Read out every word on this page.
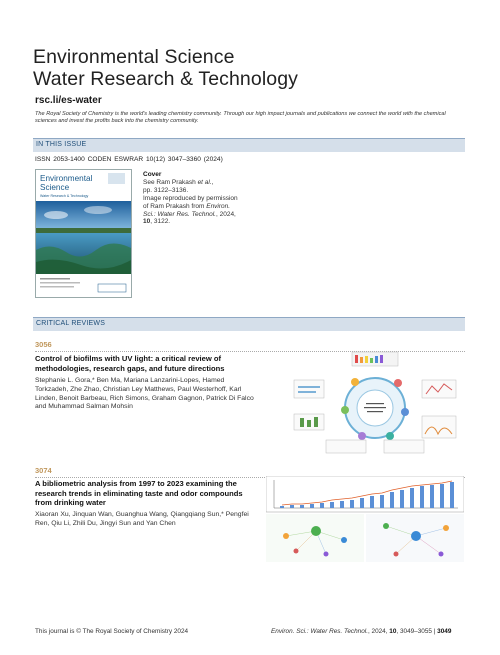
Environmental Science
Water Research & Technology
rsc.li/es-water
The Royal Society of Chemistry is the world's leading chemistry community. Through our high impact journals and publications we connect the world with the chemical sciences and invest the profits back into the chemistry community.
IN THIS ISSUE
ISSN 2053-1400 CODEN ESWRAR 10(12) 3047–3360 (2024)
Environmental
Science
Water Research & Technology
Cover
See Ram Prakash et al.,
pp. 3122–3136.
Image reproduced by permission of Ram Prakash from Environ. Sci.: Water Res. Technol., 2024, 10, 3122.
CRITICAL REVIEWS
3056
Control of biofilms with UV light: a critical review of methodologies, research gaps, and future directions
Stephanie L. Gora,* Ben Ma, Mariana Lanzarini-Lopes, Hamed Torkzadeh, Zhe Zhao, Christian Ley Matthews, Paul Westerhoff, Karl Linden, Benoit Barbeau, Rich Simons, Graham Gagnon, Patrick Di Falco and Muhammad Salman Mohsin
3074
A bibliometric analysis from 1997 to 2023 examining the research trends in eliminating taste and odor compounds from drinking water
Xiaoran Xu, Jinquan Wan, Guanghua Wang, Qiangqiang Sun,* Pengfei Ren, Qiu Li, Zhili Du, Jingyi Sun and Yan Chen
This journal is © The Royal Society of Chemistry 2024	Environ. Sci.: Water Res. Technol., 2024, 10, 3049–3055 | 3049
